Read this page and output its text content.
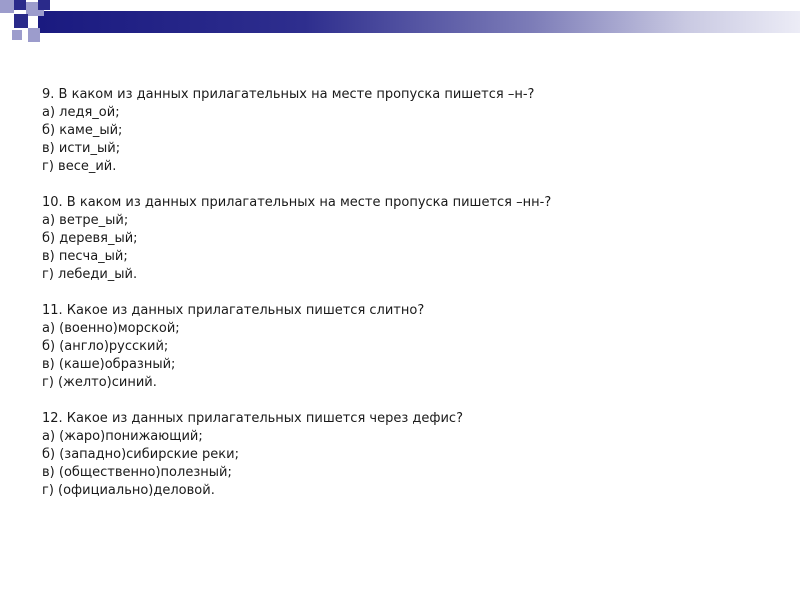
9. В каком из данных прилагательных на месте пропуска пишется –н-?
а) ледя_ой;
б) каме_ый;
в) исти_ый;
г) весе_ий.
10. В каком из данных прилагательных на месте пропуска пишется –нн-?
а) ветре_ый;
б) деревя_ый;
в) песча_ый;
г) лебеди_ый.
11. Какое из данных прилагательных пишется слитно?
а) (военно)морской;
б) (англо)русский;
в) (каше)образный;
г) (желто)синий.
12. Какое из данных прилагательных пишется через дефис?
а) (жаро)понижающий;
б) (западно)сибирские реки;
в) (общественно)полезный;
г) (официально)деловой.
